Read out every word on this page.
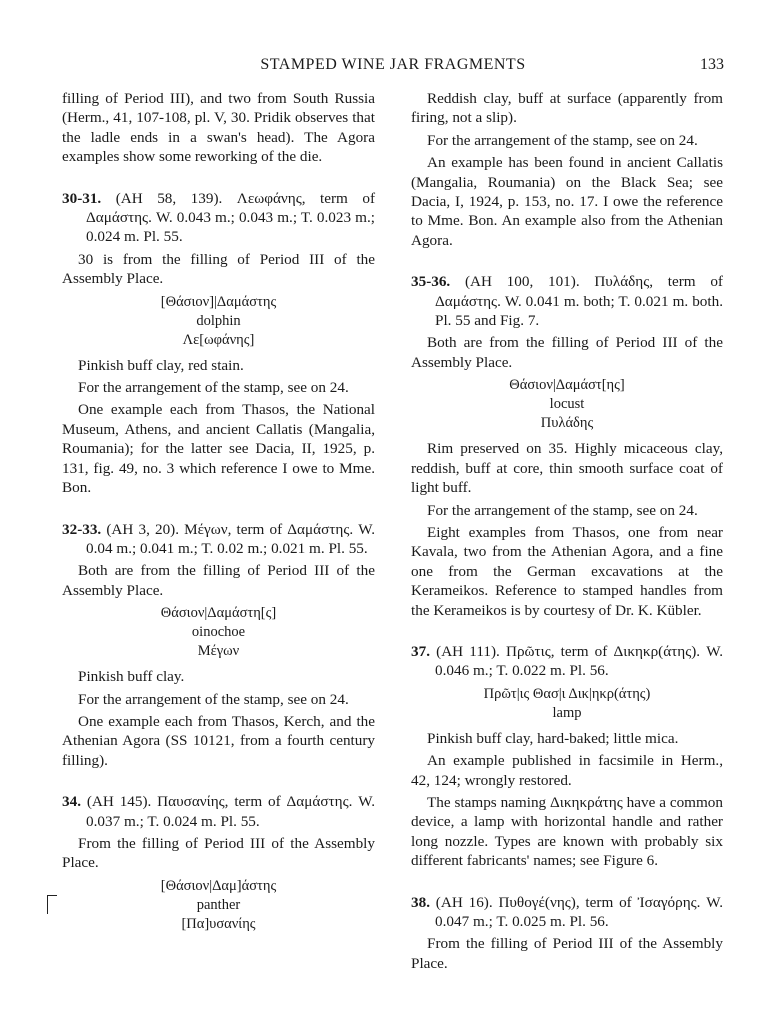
STAMPED WINE JAR FRAGMENTS	133

filling of Period III), and two from South Russia (Herm., 41, 107-108, pl. V, 30. Pridik observes that the ladle ends in a swan's head). The Agora examples show some reworking of the die.

30-31. (AH 58, 139). Λεωφάνης, term of Δαμάστης. W. 0.043 m.; 0.043 m.; T. 0.023 m.; 0.024 m. Pl. 55.

30 is from the filling of Period III of the Assembly Place.

[Θάσιον]|Δαμάστης
dolphin
Λε[ωφάνης]

Pinkish buff clay, red stain.

For the arrangement of the stamp, see on 24.

One example each from Thasos, the National Museum, Athens, and ancient Callatis (Mangalia, Roumania); for the latter see Dacia, II, 1925, p. 131, fig. 49, no. 3 which reference I owe to Mme. Bon.

32-33. (AH 3, 20). Μέγων, term of Δαμάστης. W. 0.04 m.; 0.041 m.; T. 0.02 m.; 0.021 m. Pl. 55.

Both are from the filling of Period III of the Assembly Place.

Θάσιον|Δαμάστη[ς]
oinochoe
Μέγων

Pinkish buff clay.

For the arrangement of the stamp, see on 24.

One example each from Thasos, Kerch, and the Athenian Agora (SS 10121, from a fourth century filling).

34. (AH 145). Παυσανίης, term of Δαμάστης. W. 0.037 m.; T. 0.024 m. Pl. 55.

From the filling of Period III of the Assembly Place.

[Θάσιον|Δαμ]άστης
panther
[Πα]υσανίης

Reddish clay, buff at surface (apparently from firing, not a slip).

For the arrangement of the stamp, see on 24.

An example has been found in ancient Callatis (Mangalia, Roumania) on the Black Sea; see Dacia, I, 1924, p. 153, no. 17. I owe the reference to Mme. Bon. An example also from the Athenian Agora.

35-36. (AH 100, 101). Πυλάδης, term of Δαμάστης. W. 0.041 m. both; T. 0.021 m. both. Pl. 55 and Fig. 7.

Both are from the filling of Period III of the Assembly Place.

Θάσιον|Δαμάστ[ης]
locust
Πυλάδης

Rim preserved on 35. Highly micaceous clay, reddish, buff at core, thin smooth surface coat of light buff.

For the arrangement of the stamp, see on 24.

Eight examples from Thasos, one from near Kavala, two from the Athenian Agora, and a fine one from the German excavations at the Kerameikos. Reference to stamped handles from the Kerameikos is by courtesy of Dr. K. Kübler.

37. (AH 111). Πρῶτις, term of Δικηκρ(άτης). W. 0.046 m.; T. 0.022 m. Pl. 56.
Πρῶτ|ις Θασ|ι Δικ|ηκρ(άτης)
lamp

Pinkish buff clay, hard-baked; little mica.

An example published in facsimile in Herm., 42, 124; wrongly restored.

The stamps naming Δικηκράτης have a common device, a lamp with horizontal handle and rather long nozzle. Types are known with probably six different fabricants' names; see Figure 6.

38. (AH 16). Πυθογέ(νης), term of Ἰσαγόρης. W. 0.047 m.; T. 0.025 m. Pl. 56.

From the filling of Period III of the Assembly Place.
